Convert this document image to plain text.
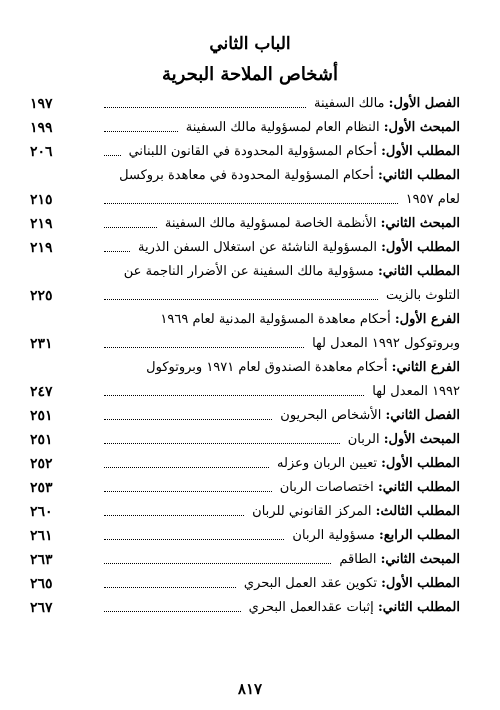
الباب الثاني
أشخاص الملاحة البحرية
الفصل الأول: مالك السفينة
١٩٧
المبحث الأول: النظام العام لمسؤولية مالك السفينة
١٩٩
المطلب الأول: أحكام المسؤولية المحدودة في القانون اللبناني
٢٠٦
المطلب الثاني: أحكام المسؤولية المحدودة في معاهدة بروكسل
لعام ١٩٥٧
٢١٥
المبحث الثاني: الأنظمة الخاصة لمسؤولية مالك السفينة
٢١٩
المطلب الأول: المسؤولية الناشئة عن استغلال السفن الذرية
٢١٩
المطلب الثاني: مسؤولية مالك السفينة عن الأضرار الناجمة عن
التلوث بالزيت
٢٢٥
الفرع الأول: أحكام معاهدة المسؤولية المدنية لعام ١٩٦٩
وبروتوكول ١٩٩٢ المعدل لها
٢٣١
الفرع الثاني: أحكام معاهدة الصندوق لعام ١٩٧١ وبروتوكول
١٩٩٢ المعدل لها
٢٤٧
الفصل الثاني: الأشخاص البحريون
٢٥١
المبحث الأول: الربان
٢٥١
المطلب الأول: تعيين الربان وعزله
٢٥٢
المطلب الثاني: اختصاصات الربان
٢٥٣
المطلب الثالث: المركز القانوني للربان
٢٦٠
المطلب الرابع: مسؤولية الربان
٢٦١
المبحث الثاني: الطاقم
٢٦٣
المطلب الأول: تكوين عقد العمل البحري
٢٦٥
المطلب الثاني: إثبات عقدالعمل البحري
٢٦٧
٨١٧
